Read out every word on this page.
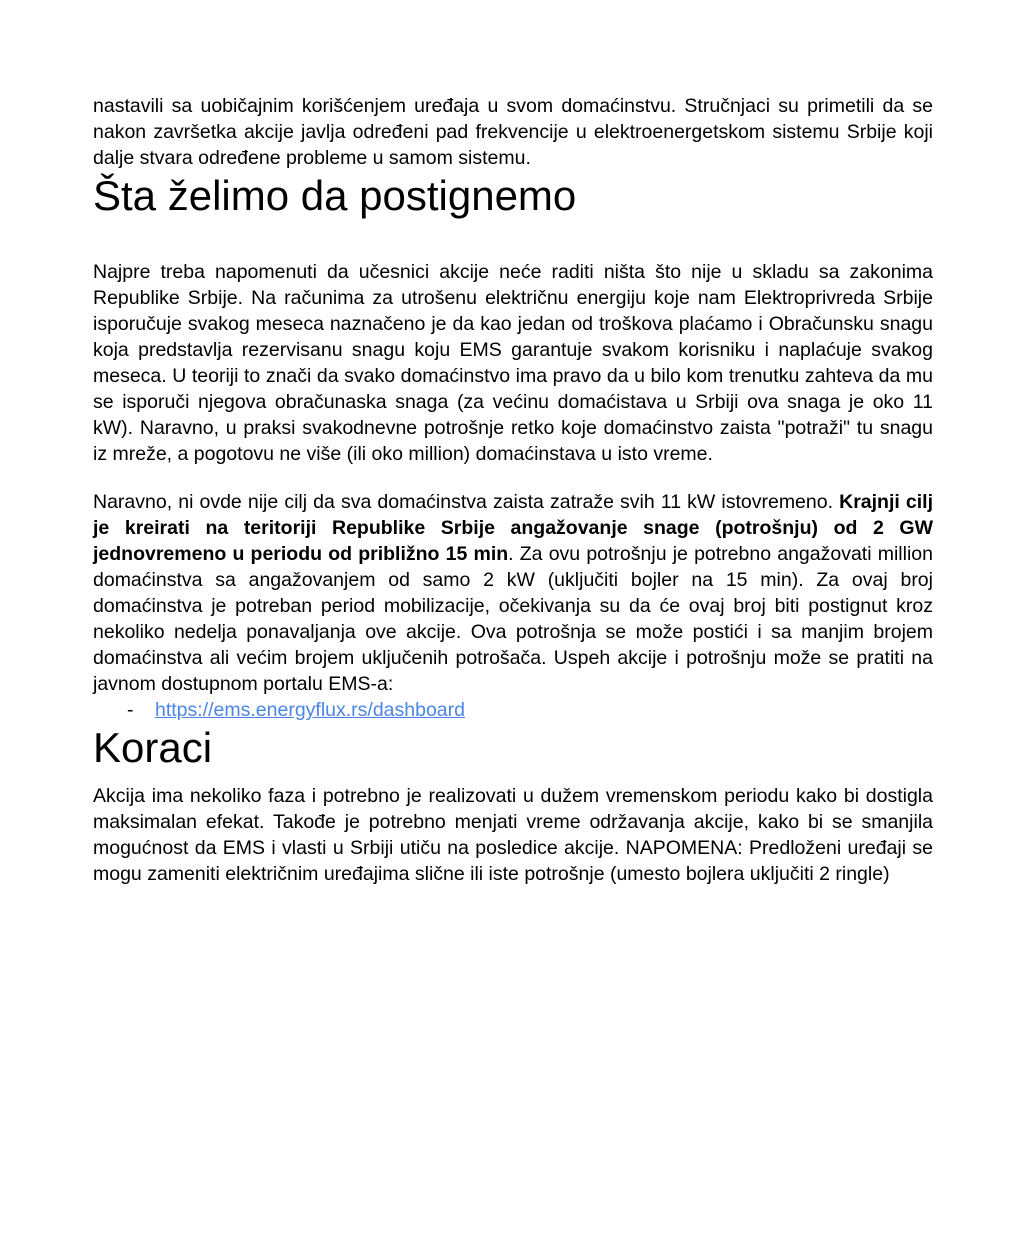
nastavili sa uobičajnim korišćenjem uređaja u svom domaćinstvu. Stručnjaci su primetili da se nakon završetka akcije javlja određeni pad frekvencije u elektroenergetskom sistemu Srbije koji dalje stvara određene probleme u samom sistemu.

Šta želimo da postignemo

Najpre treba napomenuti da učesnici akcije neće raditi ništa što nije u skladu sa zakonima Republike Srbije. Na računima za utrošenu električnu energiju koje nam Elektroprivreda Srbije isporučuje svakog meseca naznačeno je da kao jedan od troškova plaćamo i Obračunsku snagu koja predstavlja rezervisanu snagu koju EMS garantuje svakom korisniku i naplaćuje svakog meseca. U teoriji to znači da svako domaćinstvo ima pravo da u bilo kom trenutku zahteva da mu se isporuči njegova obračunaska snaga (za većinu domaćistava u Srbiji ova snaga je oko 11 kW). Naravno, u praksi svakodnevne potrošnje retko koje domaćinstvo zaista "potraži" tu snagu iz mreže, a pogotovu ne više (ili oko million) domaćinstava u isto vreme.

Naravno, ni ovde nije cilj da sva domaćinstva zaista zatraže svih 11 kW istovremeno. Krajnji cilj je kreirati na teritoriji Republike Srbije angažovanje snage (potrošnju) od 2 GW jednovremeno u periodu od približno 15 min. Za ovu potrošnju je potrebno angažovati million domaćinstva sa angažovanjem od samo 2 kW (uključiti bojler na 15 min). Za ovaj broj domaćinstva je potreban period mobilizacije, očekivanja su da će ovaj broj biti postignut kroz nekoliko nedelja ponavaljanja ove akcije. Ova potrošnja se može postići i sa manjim brojem domaćinstva ali većim brojem uključenih potrošača. Uspeh akcije i potrošnju može se pratiti na javnom dostupnom portalu EMS-a:

-	https://ems.energyflux.rs/dashboard
Koraci

Akcija ima nekoliko faza i potrebno je realizovati u dužem vremenskom periodu kako bi dostigla maksimalan efekat. Takođe je potrebno menjati vreme održavanja akcije, kako bi se smanjila mogućnost da EMS i vlasti u Srbiji utiču na posledice akcije. NAPOMENA: Predloženi uređaji se mogu zameniti električnim uređajima slične ili iste potrošnje (umesto bojlera uključiti 2 ringle)
